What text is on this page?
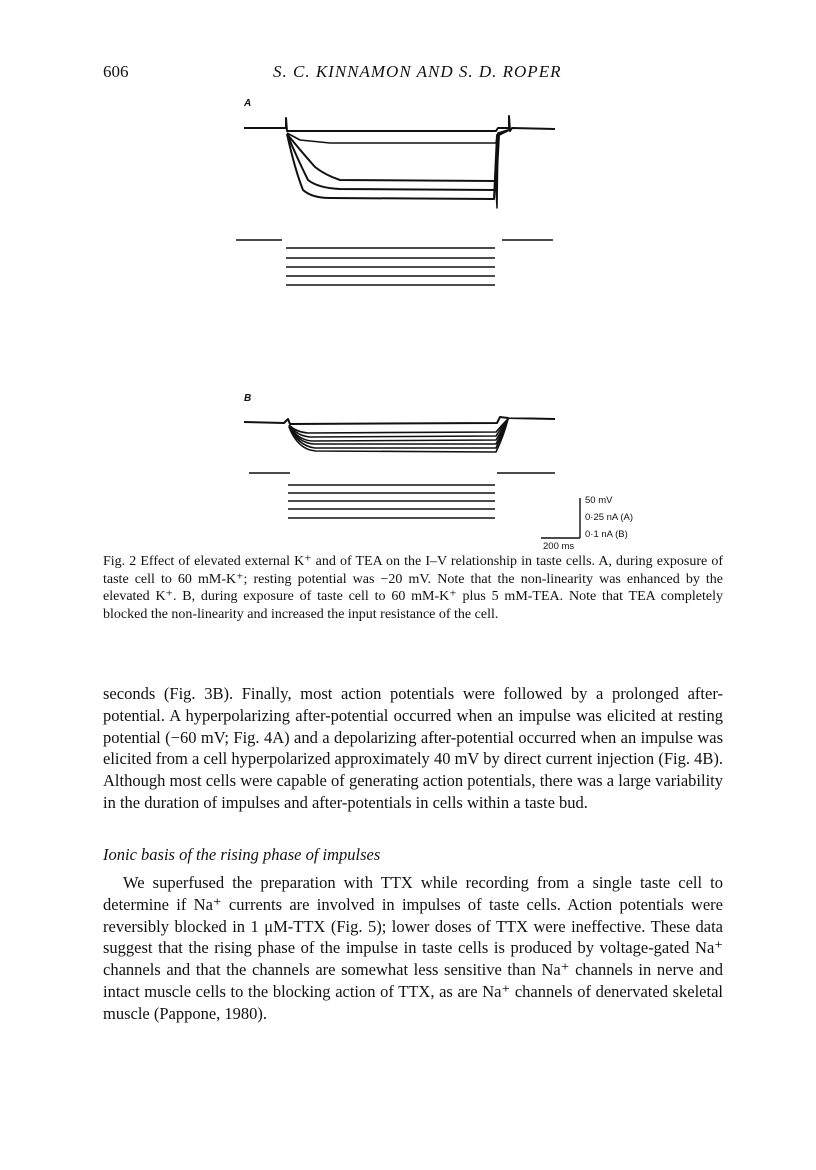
606	S. C. KINNAMON AND S. D. ROPER
A
B
50 mV
0·25 nA (A)
0·1 nA (B)
200 ms

Fig. 2 Effect of elevated external K⁺ and of TEA on the I–V relationship in taste cells. A, during exposure of taste cell to 60 mM-K⁺; resting potential was −20 mV. Note that the non-linearity was enhanced by the elevated K⁺. B, during exposure of taste cell to 60 mM-K⁺ plus 5 mM-TEA. Note that TEA completely blocked the non-linearity and increased the input resistance of the cell.

seconds (Fig. 3B). Finally, most action potentials were followed by a prolonged after-potential. A hyperpolarizing after-potential occurred when an impulse was elicited at resting potential (−60 mV; Fig. 4A) and a depolarizing after-potential occurred when an impulse was elicited from a cell hyperpolarized approximately 40 mV by direct current injection (Fig. 4B). Although most cells were capable of generating action potentials, there was a large variability in the duration of impulses and after-potentials in cells within a taste bud.

Ionic basis of the rising phase of impulses

We superfused the preparation with TTX while recording from a single taste cell to determine if Na⁺ currents are involved in impulses of taste cells. Action potentials were reversibly blocked in 1 μM-TTX (Fig. 5); lower doses of TTX were ineffective. These data suggest that the rising phase of the impulse in taste cells is produced by voltage-gated Na⁺ channels and that the channels are somewhat less sensitive than Na⁺ channels in nerve and intact muscle cells to the blocking action of TTX, as are Na⁺ channels of denervated skeletal muscle (Pappone, 1980).
